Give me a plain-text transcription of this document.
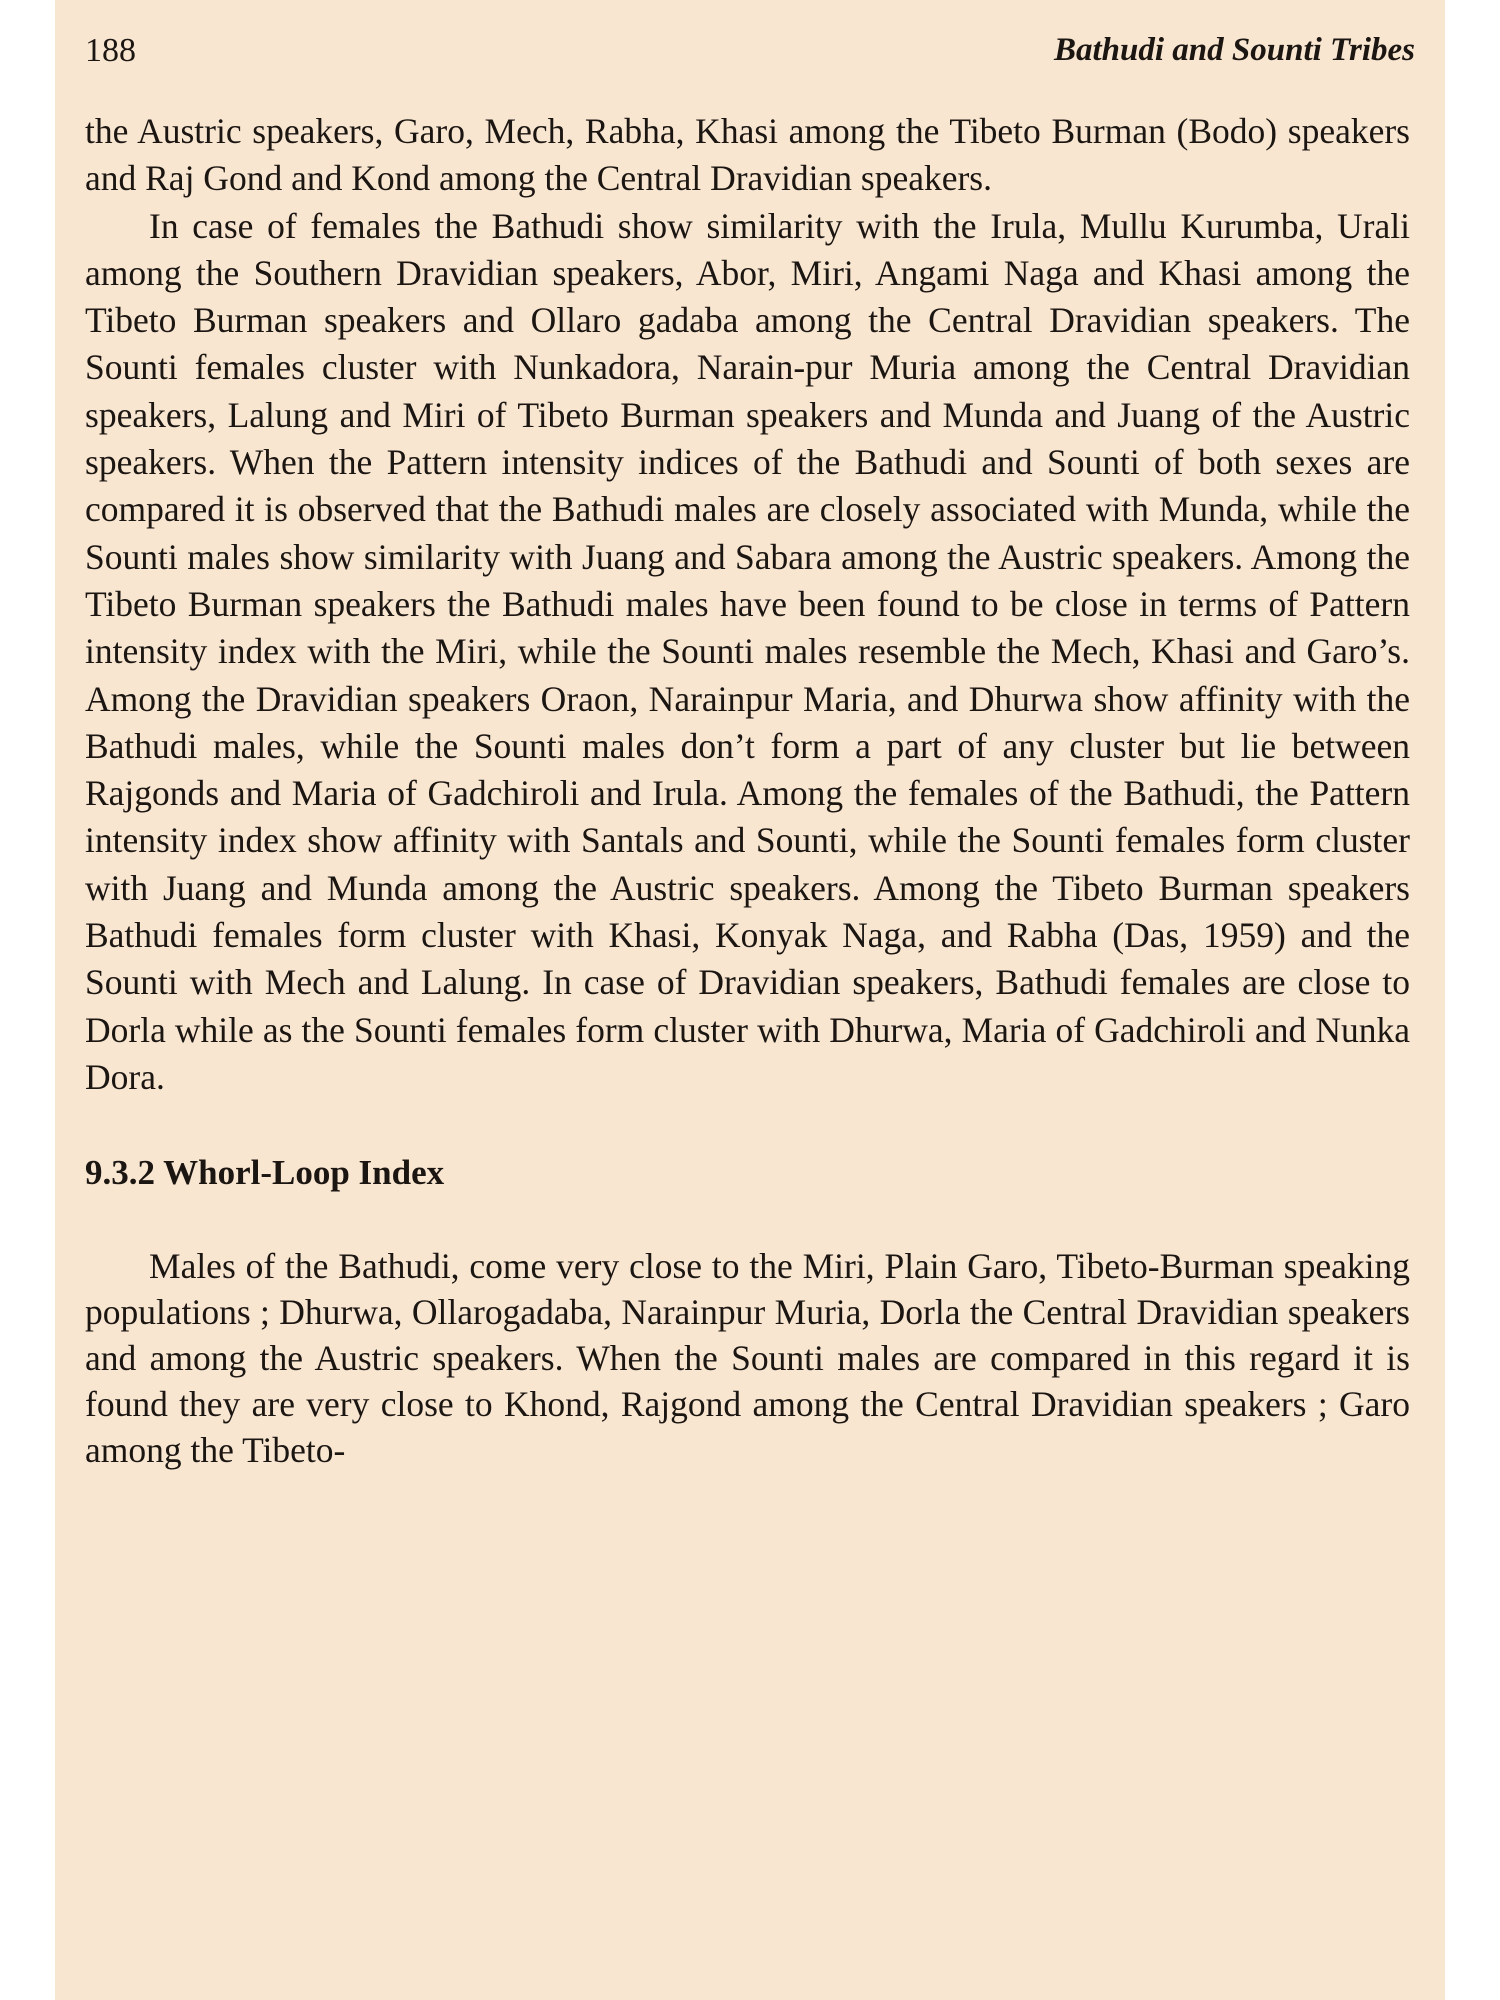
188	Bathudi and Sounti Tribes

the Austric speakers, Garo, Mech, Rabha, Khasi among the Tibeto Burman (Bodo) speakers and Raj Gond and Kond among the Central Dravidian speakers.

In case of females the Bathudi show similarity with the Irula, Mullu Kurumba, Urali among the Southern Dravidian speakers, Abor, Miri, Angami Naga and Khasi among the Tibeto Burman speakers and Ollaro gadaba among the Central Dravidian speakers. The Sounti females cluster with Nunkadora, Narain-pur Muria among the Central Dravidian speakers, Lalung and Miri of Tibeto Burman speakers and Munda and Juang of the Austric speakers. When the Pattern intensity indices of the Bathudi and Sounti of both sexes are compared it is observed that the Bathudi males are closely associated with Munda, while the Sounti males show similarity with Juang and Sabara among the Austric speakers. Among the Tibeto Burman speakers the Bathudi males have been found to be close in terms of Pattern intensity index with the Miri, while the Sounti males resemble the Mech, Khasi and Garo’s. Among the Dravidian speakers Oraon, Narainpur Maria, and Dhurwa show affinity with the Bathudi males, while the Sounti males don’t form a part of any cluster but lie between Rajgonds and Maria of Gadchiroli and Irula. Among the females of the Bathudi, the Pattern intensity index show affinity with Santals and Sounti, while the Sounti females form cluster with Juang and Munda among the Austric speakers. Among the Tibeto Burman speakers Bathudi females form cluster with Khasi, Konyak Naga, and Rabha (Das, 1959) and the Sounti with Mech and Lalung. In case of Dravidian speakers, Bathudi females are close to Dorla while as the Sounti females form cluster with Dhurwa, Maria of Gadchiroli and Nunka Dora.

9.3.2 Whorl-Loop Index

Males of the Bathudi, come very close to the Miri, Plain Garo, Tibeto-Burman speaking populations ; Dhurwa, Ollarogadaba, Narainpur Muria, Dorla the Central Dravidian speakers and among the Austric speakers. When the Sounti males are compared in this regard it is found they are very close to Khond, Rajgond among the Central Dravidian speakers ; Garo among the Tibeto-
